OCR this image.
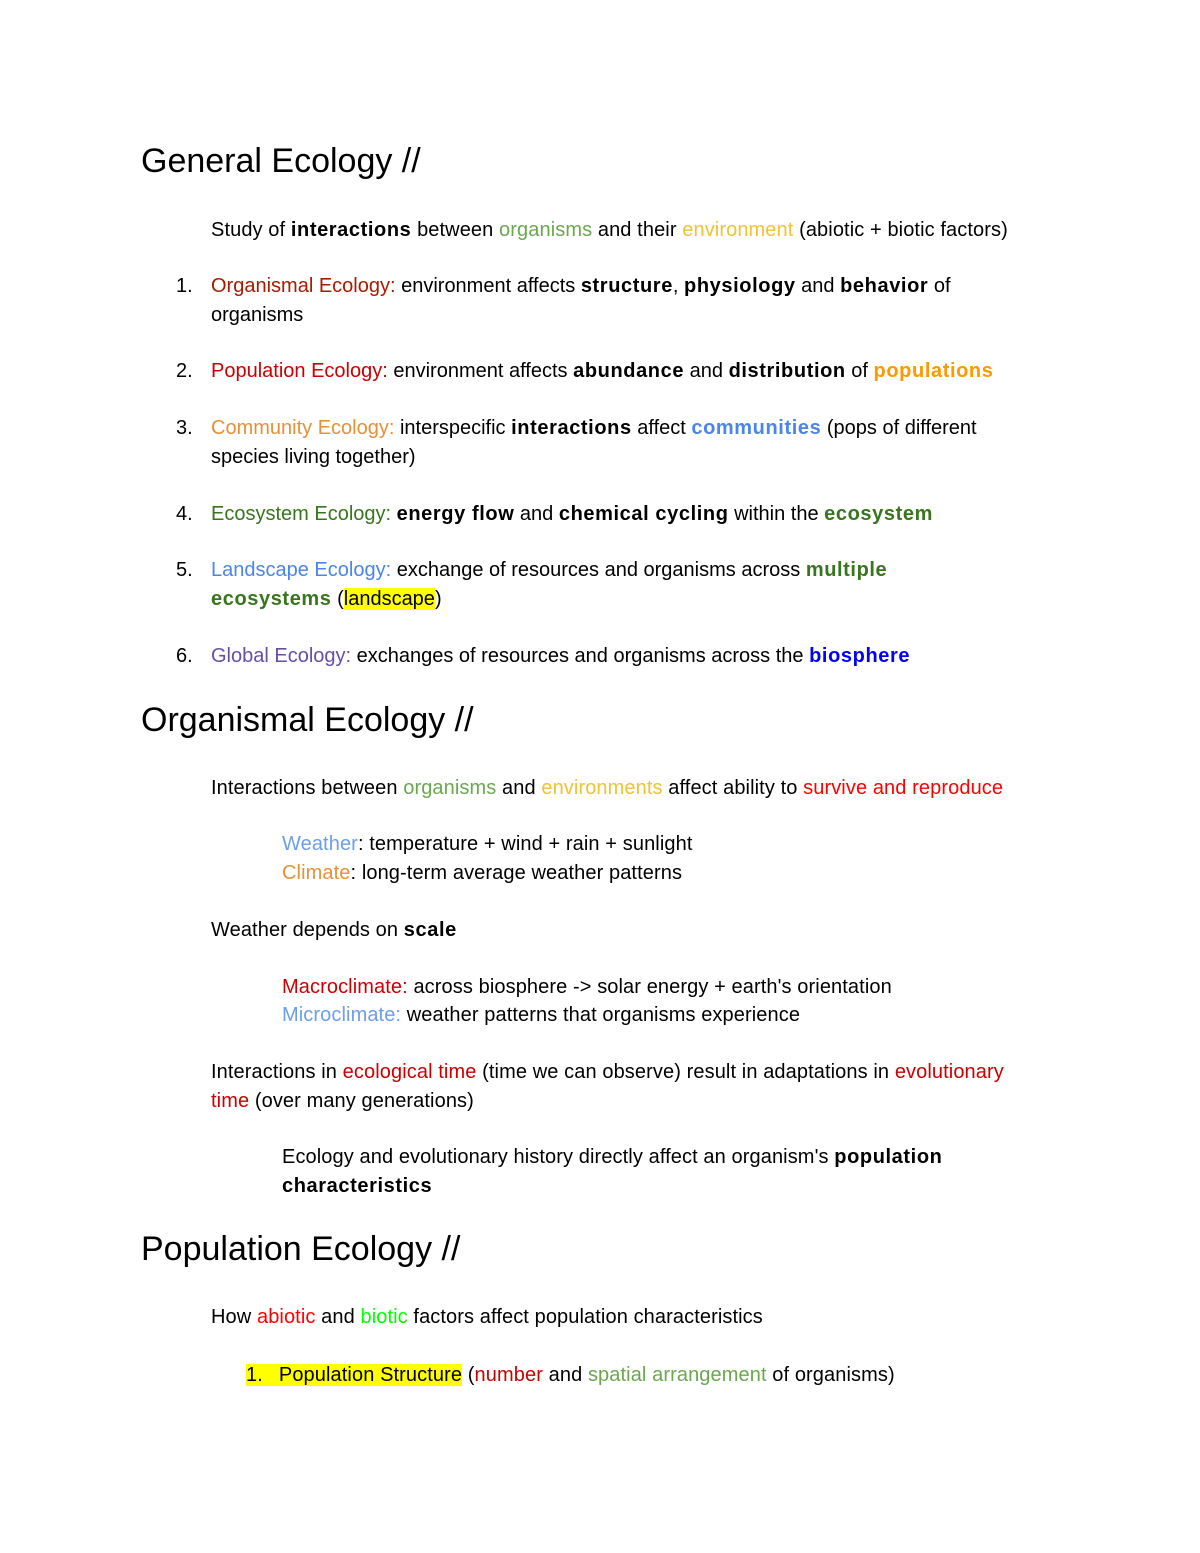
General Ecology //
Study of interactions between organisms and their environment (abiotic + biotic factors)
1. Organismal Ecology: environment affects structure, physiology and behavior of
organisms
2. Population Ecology: environment affects abundance and distribution of populations
3. Community Ecology: interspecific interactions affect communities (pops of different
species living together)
4. Ecosystem Ecology: energy flow and chemical cycling within the ecosystem
5. Landscape Ecology: exchange of resources and organisms across multiple
ecosystems (landscape)
6. Global Ecology: exchanges of resources and organisms across the biosphere
Organismal Ecology //
Interactions between organisms and environments affect ability to survive and reproduce
Weather: temperature + wind + rain + sunlight
Climate: long-term average weather patterns
Weather depends on scale
Macroclimate: across biosphere -> solar energy + earth's orientation
Microclimate: weather patterns that organisms experience
Interactions in ecological time (time we can observe) result in adaptations in evolutionary
time (over many generations)
Ecology and evolutionary history directly affect an organism's population
characteristics
Population Ecology //
How abiotic and biotic factors affect population characteristics
1. Population Structure (number and spatial arrangement of organisms)
